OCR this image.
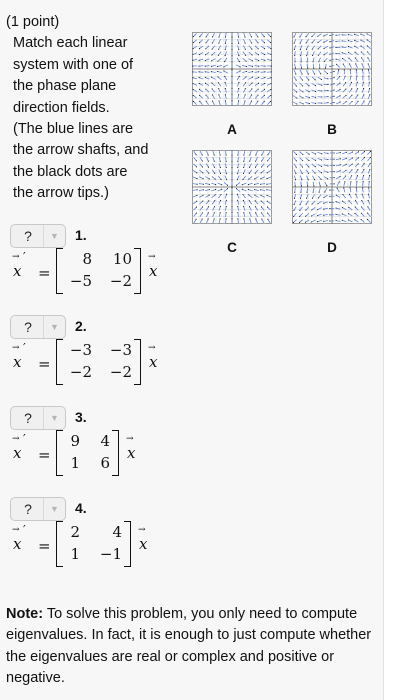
(1 point)
Match each linear
system with one of
the phase plane
direction fields.
(The blue lines are
the arrow shafts, and
the black dots are
the arrow tips.)
A	B
C	D
?	▼	1.
→ ′
x =
8	10
−5	−2
→
x
?	▼	2.
→ ′
x =
−3	−3
−2	−2
→
x
?	▼	3.
→ ′
x =
9	4
1	6
→
x
?	▼	4.
→ ′
x =
2	4
1	−1
→
x
Note: To solve this problem, you only need to compute eigenvalues. In fact, it is enough to just compute whether the eigenvalues are real or complex and positive or negative.
